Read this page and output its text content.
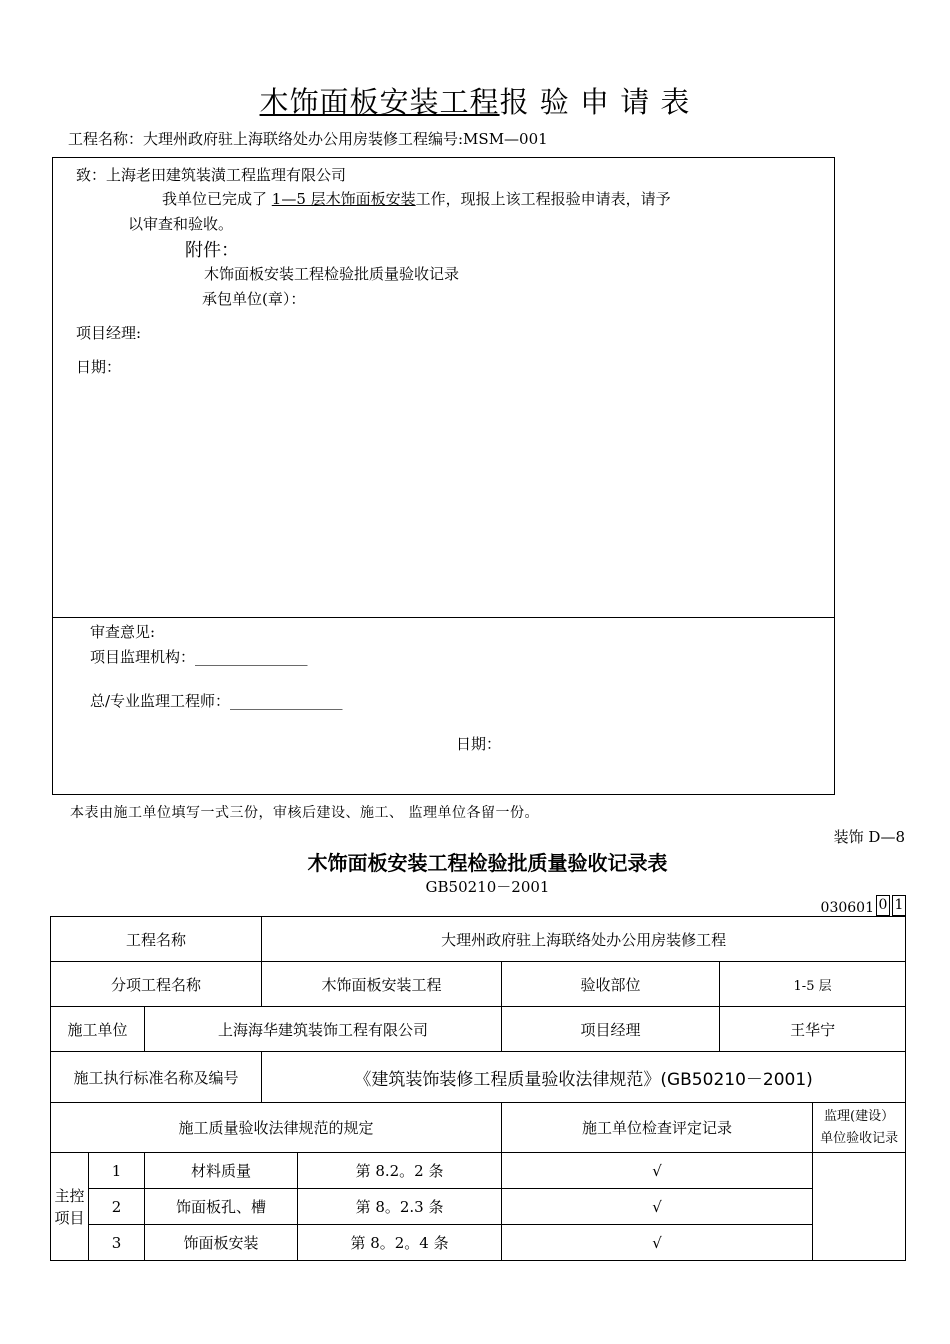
木饰面板安装工程报 验 申 请 表
工程名称：大理州政府驻上海联络处办公用房装修工程编号:MSM—001
致：上海老田建筑装潢工程监理有限公司
我单位已完成了 1—5 层木饰面板安装工作，现报上该工程报验申请表，请予
以审查和验收。
附件：
木饰面板安装工程检验批质量验收记录
承包单位(章）：
项目经理:
日期：
审查意见:
项目监理机构：_______________
总/专业监理工程师：_______________
日期：
本表由施工单位填写一式三份，审核后建设、施工、 监理单位各留一份。
装饰 D—8
木饰面板安装工程检验批质量验收记录表
GB50210－2001
030601 0 1
工程名称			大理州政府驻上海联络处办公用房装修工程				
分项工程名称			木饰面板安装工程		验收部位	1-5 层	
施工单位		上海海华建筑装饰工程有限公司			项目经理	王华宁	
施工执行标准名称及编号			《建筑装饰装修工程质量验收法律规范》(GB50210－2001)				
施工质量验收法律规范的规定					施工单位检查评定记录		监理(建设）
单位验收记录

主控
项目	1	材料质量		第 8.2。2 条	√		
	2	饰面板孔、槽		第 8。2.3 条	√		
	3	饰面板安装		第 8。2。4 条	√		
